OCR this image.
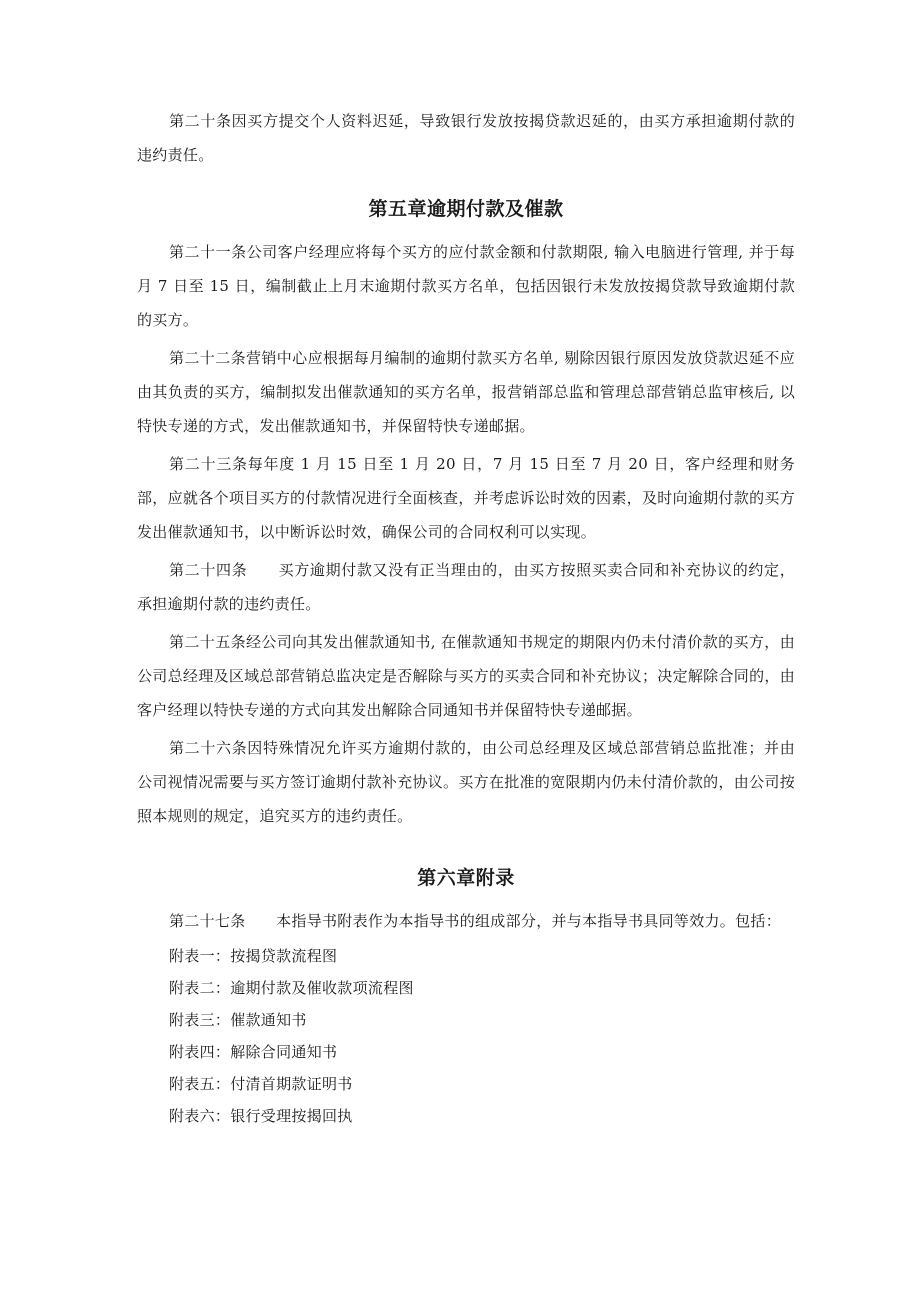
第二十条因买方提交个人资料迟延，导致银行发放按揭贷款迟延的，由买方承担逾期付款的违约责任。

第五章逾期付款及催款

第二十一条公司客户经理应将每个买方的应付款金额和付款期限, 输入电脑进行管理, 并于每月 7 日至 15 日，编制截止上月末逾期付款买方名单，包括因银行未发放按揭贷款导致逾期付款的买方。

第二十二条营销中心应根据每月编制的逾期付款买方名单, 剔除因银行原因发放贷款迟延不应由其负责的买方，编制拟发出催款通知的买方名单，报营销部总监和管理总部营销总监审核后, 以特快专递的方式，发出催款通知书，并保留特快专递邮据。

第二十三条每年度 1 月 15 日至 1 月 20 日，7 月 15 日至 7 月 20 日，客户经理和财务部，应就各个项目买方的付款情况进行全面核查，并考虑诉讼时效的因素，及时向逾期付款的买方发出催款通知书，以中断诉讼时效，确保公司的合同权利可以实现。

第二十四条　　买方逾期付款又没有正当理由的，由买方按照买卖合同和补充协议的约定，承担逾期付款的违约责任。

第二十五条经公司向其发出催款通知书, 在催款通知书规定的期限内仍未付清价款的买方，由公司总经理及区域总部营销总监决定是否解除与买方的买卖合同和补充协议；决定解除合同的，由客户经理以特快专递的方式向其发出解除合同通知书并保留特快专递邮据。

第二十六条因特殊情况允许买方逾期付款的，由公司总经理及区域总部营销总监批准；并由公司视情况需要与买方签订逾期付款补充协议。买方在批准的宽限期内仍未付清价款的，由公司按照本规则的规定，追究买方的违约责任。

第六章附录

第二十七条　　本指导书附表作为本指导书的组成部分，并与本指导书具同等效力。包括：

附表一：按揭贷款流程图
附表二：逾期付款及催收款项流程图
附表三：催款通知书
附表四：解除合同通知书
附表五：付清首期款证明书
附表六：银行受理按揭回执
